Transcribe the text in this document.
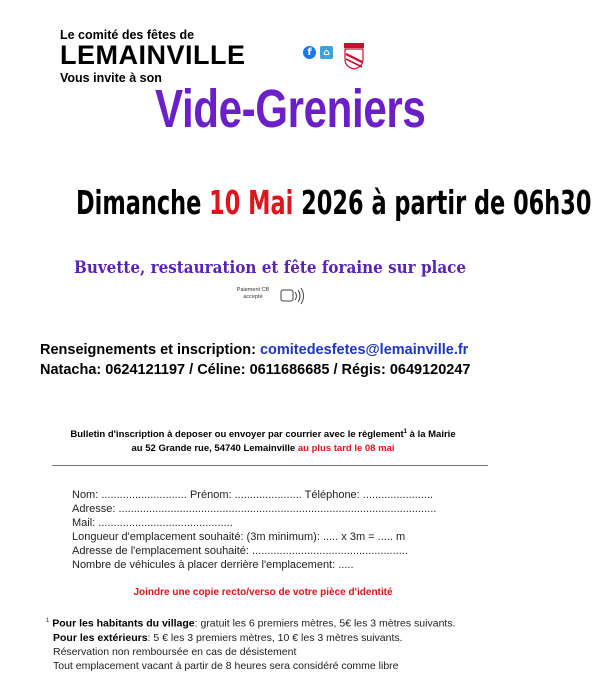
Le comité des fêtes de
LEMAINVILLE
Vous invite à son
f	⌂
Vide-Greniers
Dimanche 10 Mai 2026 à partir de 06h30
Buvette, restauration et fête foraine sur place
Paiement CB
accepté
Renseignements et inscription: comitedesfetes@lemainville.fr
Natacha: 0624121197 / Céline: 0611686685 / Régis: 0649120247
Bulletin d'inscription à deposer ou envoyer par courrier avec le règlement$^1$ à la Mairie
au 52 Grande rue, 54740 Lemainville au plus tard le 08 mai
Nom: ............................ Prénom: ...................... Téléphone: .......................
Adresse: ........................................................................................................
Mail: ............................................
Longueur d'emplacement souhaité: (3m minimum): ..... x 3m = ..... m
Adresse de l'emplacement souhaité: ...................................................
Nombre de véhicules à placer derrière l'emplacement: .....
Joindre une copie recto/verso de votre pièce d'identité
$^1$ Pour les habitants du village: gratuit les 6 premiers mètres, 5€ les 3 mètres suivants.
Pour les extérieurs: 5 € les 3 premiers mètres, 10 € les 3 mètres suivants.
Réservation non remboursée en cas de désistement
Tout emplacement vacant à partir de 8 heures sera considéré comme libre
